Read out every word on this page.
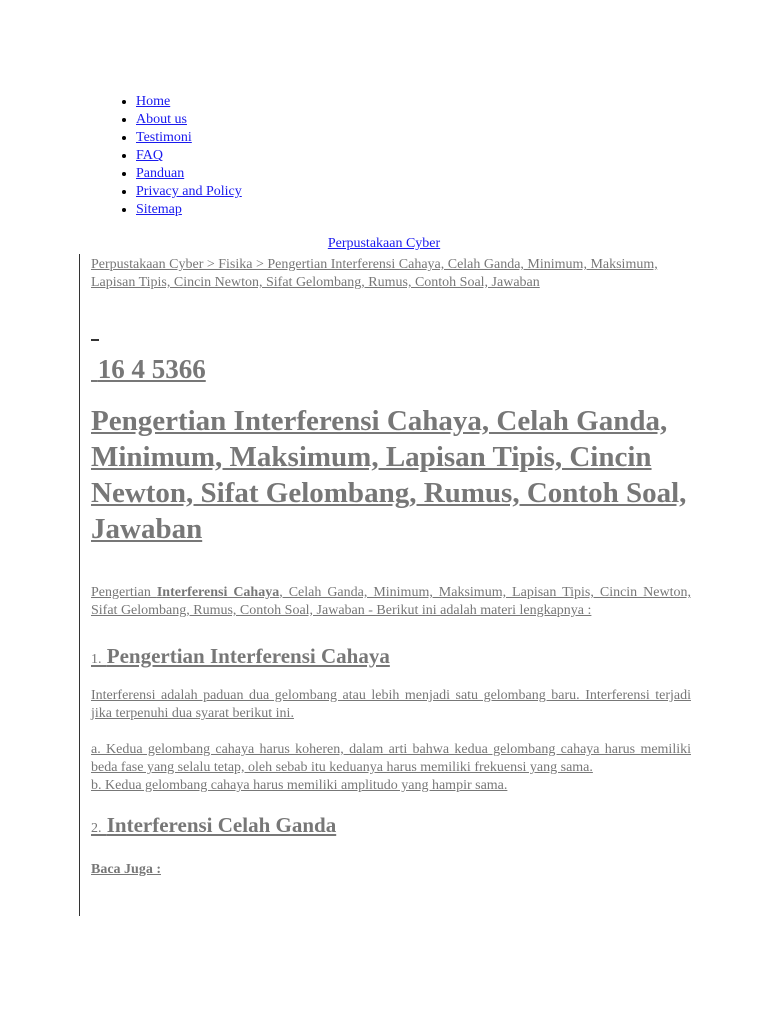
• Home
• About us
• Testimoni
• FAQ
• Panduan
• Privacy and Policy
• Sitemap
Perpustakaan Cyber
Perpustakaan Cyber > Fisika > Pengertian Interferensi Cahaya, Celah Ganda, Minimum, Maksimum, Lapisan Tipis, Cincin Newton, Sifat Gelombang, Rumus, Contoh Soal, Jawaban
16 4 5366
Pengertian Interferensi Cahaya, Celah Ganda, Minimum, Maksimum, Lapisan Tipis, Cincin Newton, Sifat Gelombang, Rumus, Contoh Soal, Jawaban
Pengertian Interferensi Cahaya, Celah Ganda, Minimum, Maksimum, Lapisan Tipis, Cincin Newton, Sifat Gelombang, Rumus, Contoh Soal, Jawaban - Berikut ini adalah materi lengkapnya :
1. Pengertian Interferensi Cahaya
Interferensi adalah paduan dua gelombang atau lebih menjadi satu gelombang baru. Interferensi terjadi jika terpenuhi dua syarat berikut ini.
a. Kedua gelombang cahaya harus koheren, dalam arti bahwa kedua gelombang cahaya harus memiliki beda fase yang selalu tetap, oleh sebab itu keduanya harus memiliki frekuensi yang sama.
b. Kedua gelombang cahaya harus memiliki amplitudo yang hampir sama.
2. Interferensi Celah Ganda
Baca Juga :
